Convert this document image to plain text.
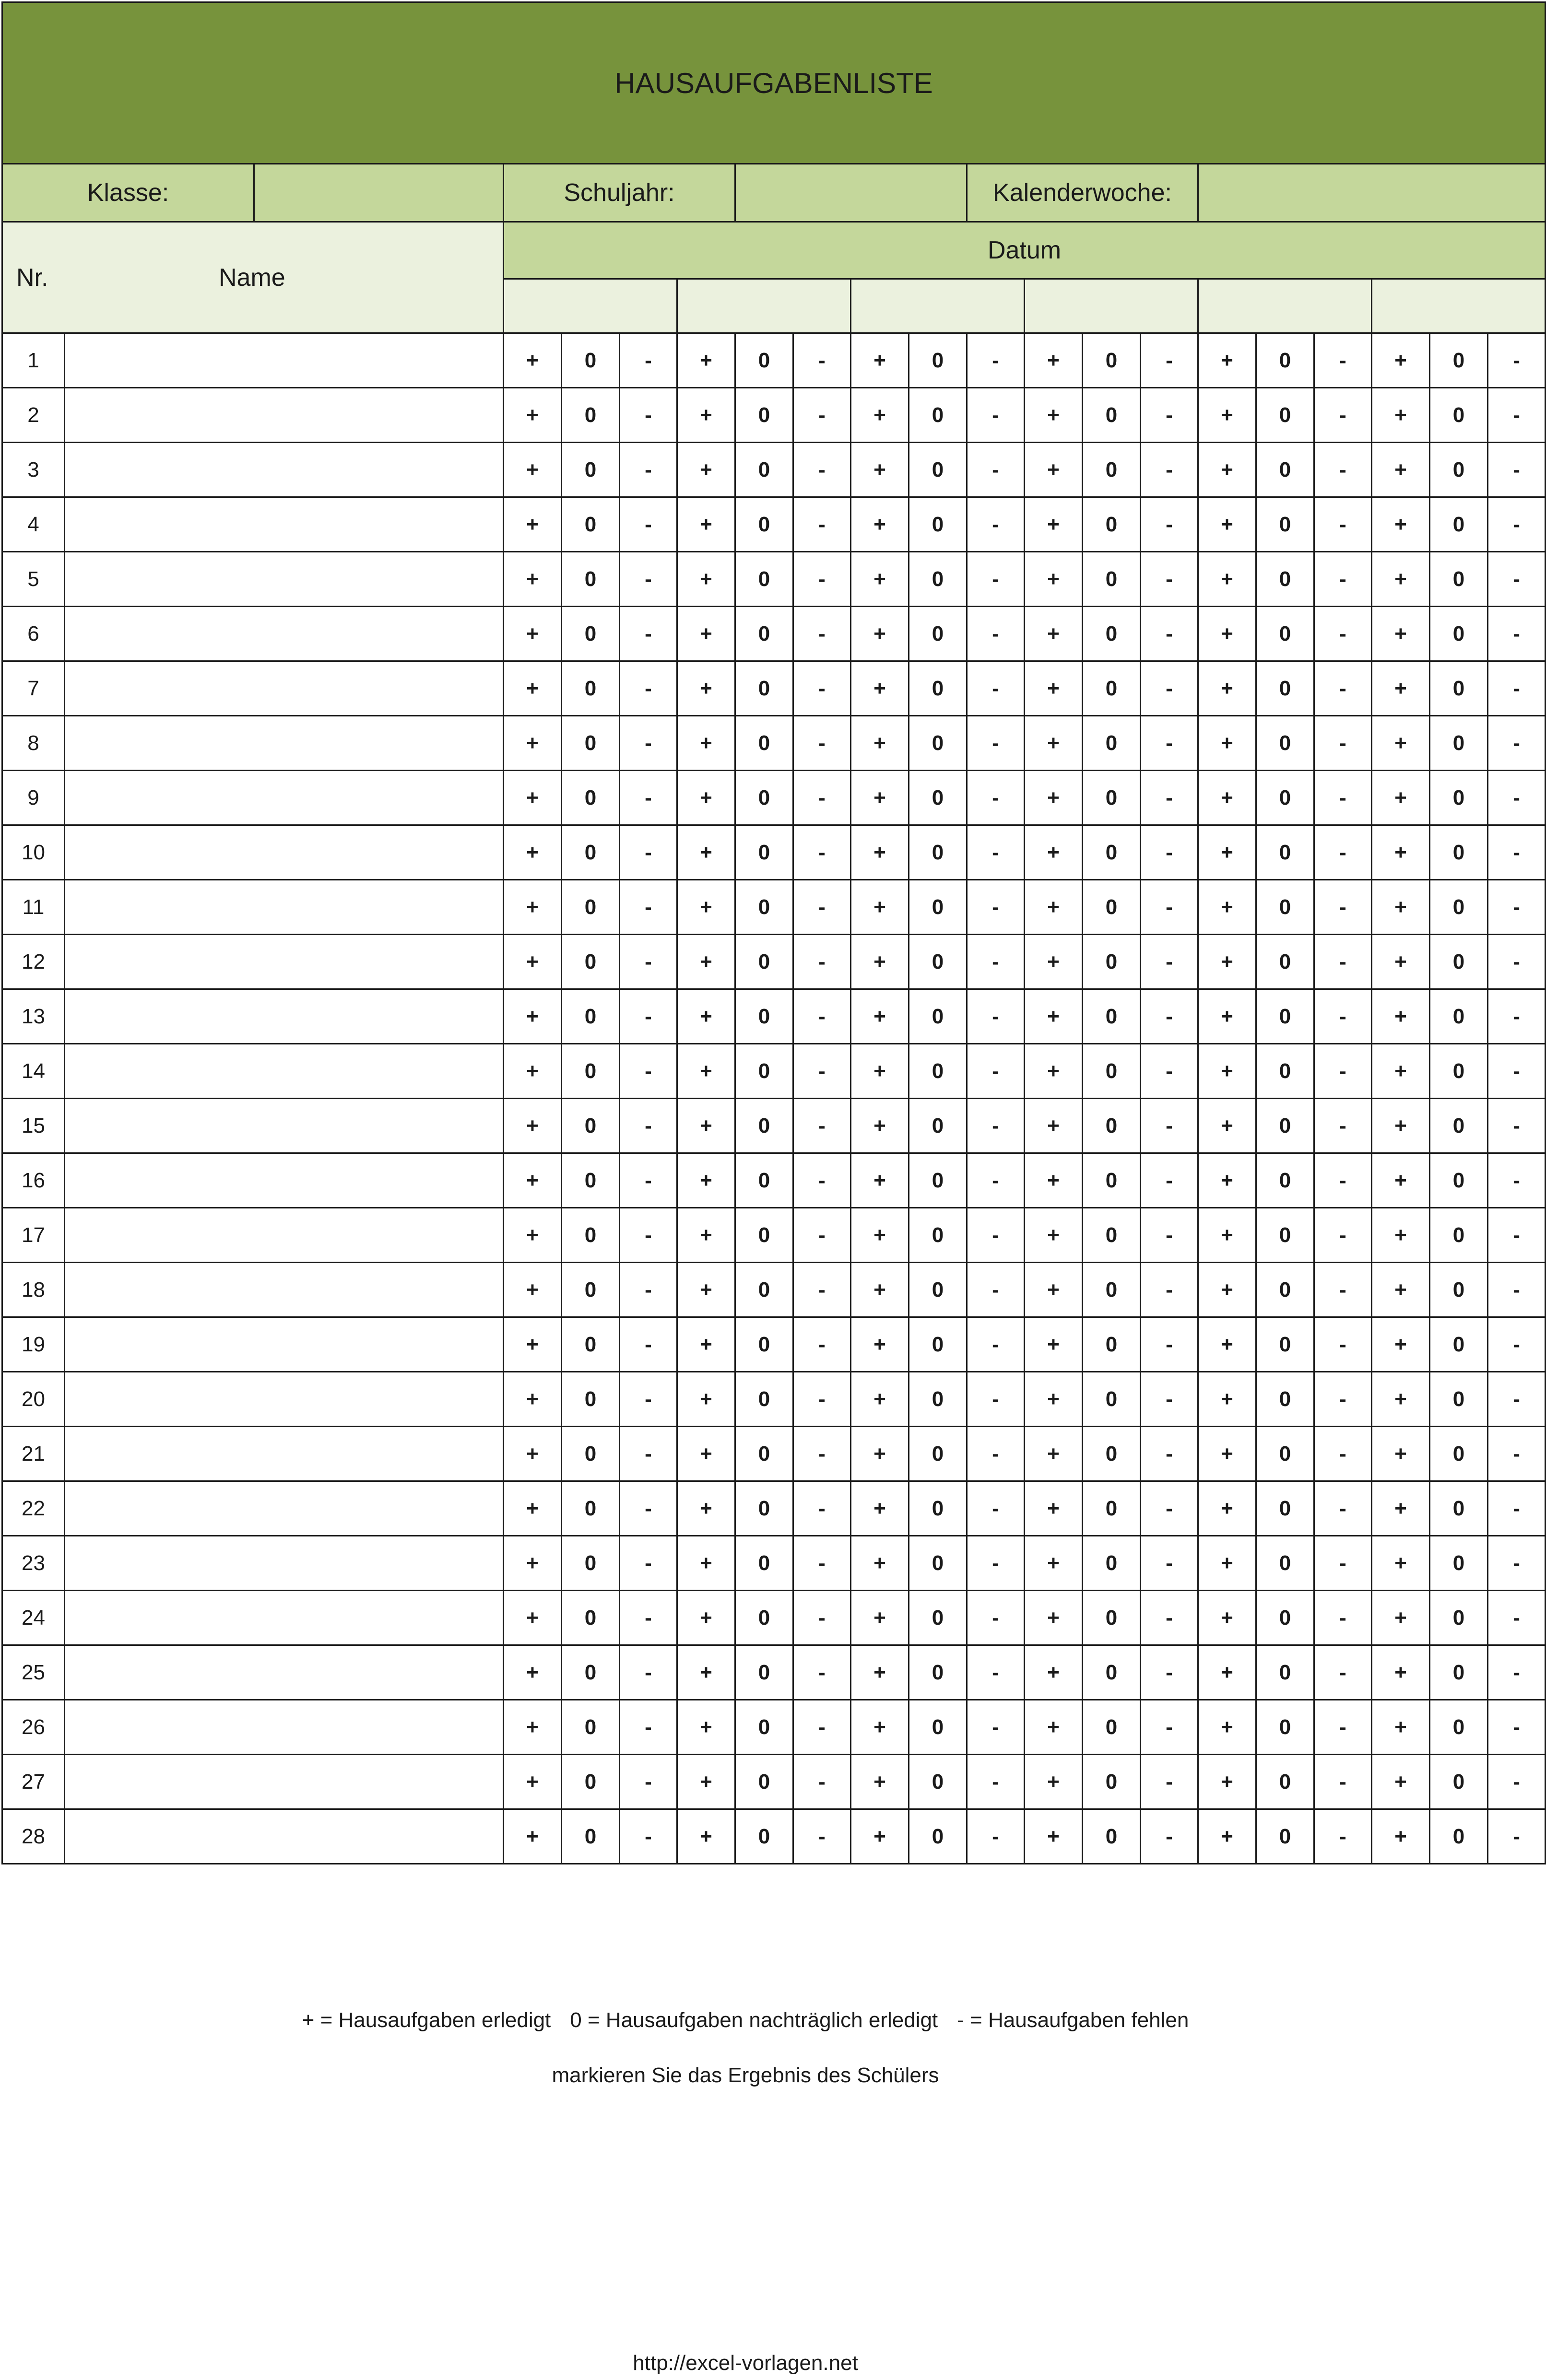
HAUSAUFGABENLISTE																				
Klasse:			Schuljahr:								Kalenderwoche:									

Nr. Name			Datum																	

1			+	0	-	+	0	-	+	0	-	+	0	-	+	0	-	+	0	-
2			+	0	-	+	0	-	+	0	-	+	0	-	+	0	-	+	0	-
3			+	0	-	+	0	-	+	0	-	+	0	-	+	0	-	+	0	-
4			+	0	-	+	0	-	+	0	-	+	0	-	+	0	-	+	0	-
5			+	0	-	+	0	-	+	0	-	+	0	-	+	0	-	+	0	-
6			+	0	-	+	0	-	+	0	-	+	0	-	+	0	-	+	0	-
7			+	0	-	+	0	-	+	0	-	+	0	-	+	0	-	+	0	-
8			+	0	-	+	0	-	+	0	-	+	0	-	+	0	-	+	0	-
9			+	0	-	+	0	-	+	0	-	+	0	-	+	0	-	+	0	-
10			+	0	-	+	0	-	+	0	-	+	0	-	+	0	-	+	0	-
11			+	0	-	+	0	-	+	0	-	+	0	-	+	0	-	+	0	-
12			+	0	-	+	0	-	+	0	-	+	0	-	+	0	-	+	0	-
13			+	0	-	+	0	-	+	0	-	+	0	-	+	0	-	+	0	-
14			+	0	-	+	0	-	+	0	-	+	0	-	+	0	-	+	0	-
15			+	0	-	+	0	-	+	0	-	+	0	-	+	0	-	+	0	-
16			+	0	-	+	0	-	+	0	-	+	0	-	+	0	-	+	0	-
17			+	0	-	+	0	-	+	0	-	+	0	-	+	0	-	+	0	-
18			+	0	-	+	0	-	+	0	-	+	0	-	+	0	-	+	0	-
19			+	0	-	+	0	-	+	0	-	+	0	-	+	0	-	+	0	-
20			+	0	-	+	0	-	+	0	-	+	0	-	+	0	-	+	0	-
21			+	0	-	+	0	-	+	0	-	+	0	-	+	0	-	+	0	-
22			+	0	-	+	0	-	+	0	-	+	0	-	+	0	-	+	0	-
23			+	0	-	+	0	-	+	0	-	+	0	-	+	0	-	+	0	-
24			+	0	-	+	0	-	+	0	-	+	0	-	+	0	-	+	0	-
25			+	0	-	+	0	-	+	0	-	+	0	-	+	0	-	+	0	-
26			+	0	-	+	0	-	+	0	-	+	0	-	+	0	-	+	0	-
27			+	0	-	+	0	-	+	0	-	+	0	-	+	0	-	+	0	-
28			+	0	-	+	0	-	+	0	-	+	0	-	+	0	-	+	0	-
+ = Hausaufgaben erledigt 0 = Hausaufgaben nachträglich erledigt - = Hausaufgaben fehlen
markieren Sie das Ergebnis des Schülers
http://excel-vorlagen.net
